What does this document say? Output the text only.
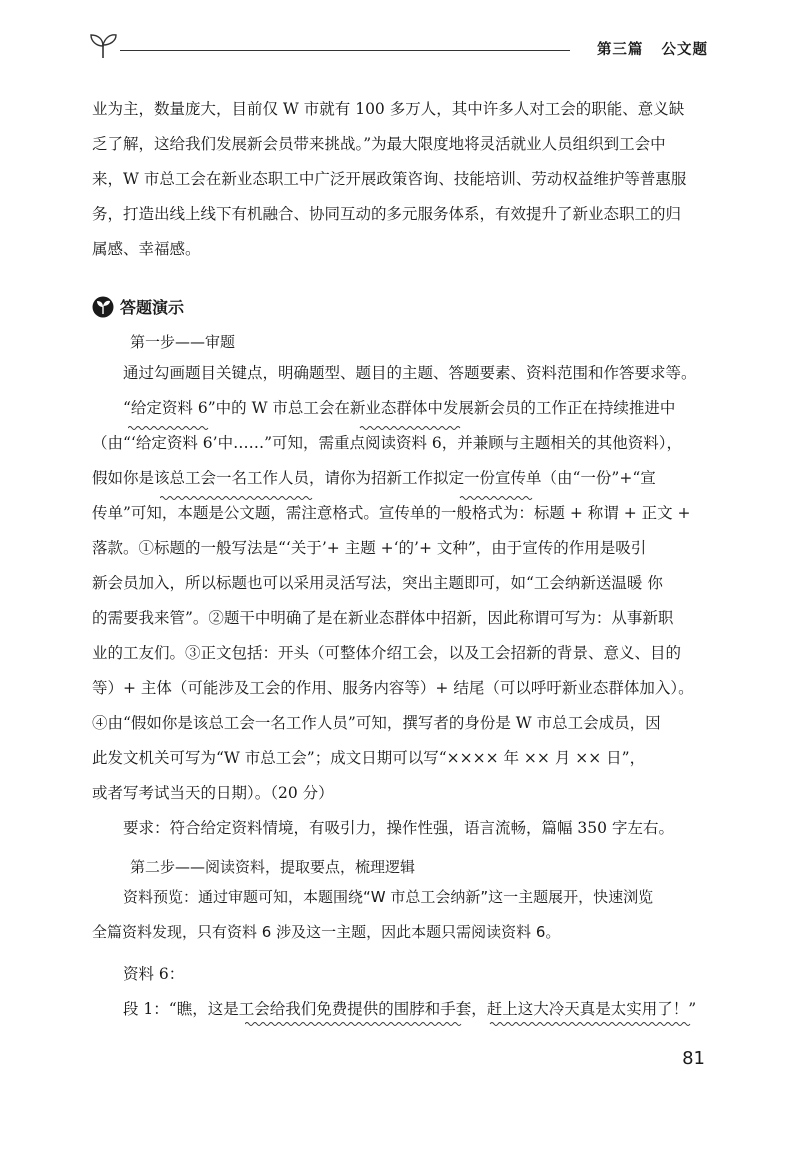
第三篇 公文题

业为主，数量庞大，目前仅 W 市就有 100 多万人，其中许多人对工会的职能、意义缺
乏了解，这给我们发展新会员带来挑战。”为最大限度地将灵活就业人员组织到工会中
来，W 市总工会在新业态职工中广泛开展政策咨询、技能培训、劳动权益维护等普惠服
务，打造出线上线下有机融合、协同互动的多元服务体系，有效提升了新业态职工的归
属感、幸福感。

答题演示
第一步——审题

通过勾画题目关键点，明确题型、题目的主题、答题要素、资料范围和作答要求等。

“给定资料 6”中的 W 市总工会在新业态群体中发展新会员的工作正在持续推进中
（由“‘给定资料 6’中……”可知，需重点阅读资料 6，并兼顾与主题相关的其他资料），
假如你是该总工会一名工作人员，请你为招新工作拟定一份宣传单（由“一份”+“宣
传单”可知，本题是公文题，需注意格式。宣传单的一般格式为：标题 + 称谓 + 正文 +
落款。①标题的一般写法是“‘关于’+ 主题 +‘的’+ 文种”，由于宣传的作用是吸引
新会员加入，所以标题也可以采用灵活写法，突出主题即可，如“工会纳新送温暖 你
的需要我来管”。②题干中明确了是在新业态群体中招新，因此称谓可写为：从事新职
业的工友们。③正文包括：开头（可整体介绍工会，以及工会招新的背景、意义、目的
等）+ 主体（可能涉及工会的作用、服务内容等）+ 结尾（可以呼吁新业态群体加入）。
④由“假如你是该总工会一名工作人员”可知，撰写者的身份是 W 市总工会成员，因
此发文机关可写为“W 市总工会”；成文日期可以写“×××× 年 ×× 月 ×× 日”，
或者写考试当天的日期）。（20 分）

要求：符合给定资料情境，有吸引力，操作性强，语言流畅，篇幅 350 字左右。

第二步——阅读资料，提取要点，梳理逻辑

资料预览：通过审题可知，本题围绕“W 市总工会纳新”这一主题展开，快速浏览
全篇资料发现，只有资料 6 涉及这一主题，因此本题只需阅读资料 6。

资料 6：

段 1：“瞧，这是工会给我们免费提供的围脖和手套，赶上这大冷天真是太实用了！”

81
